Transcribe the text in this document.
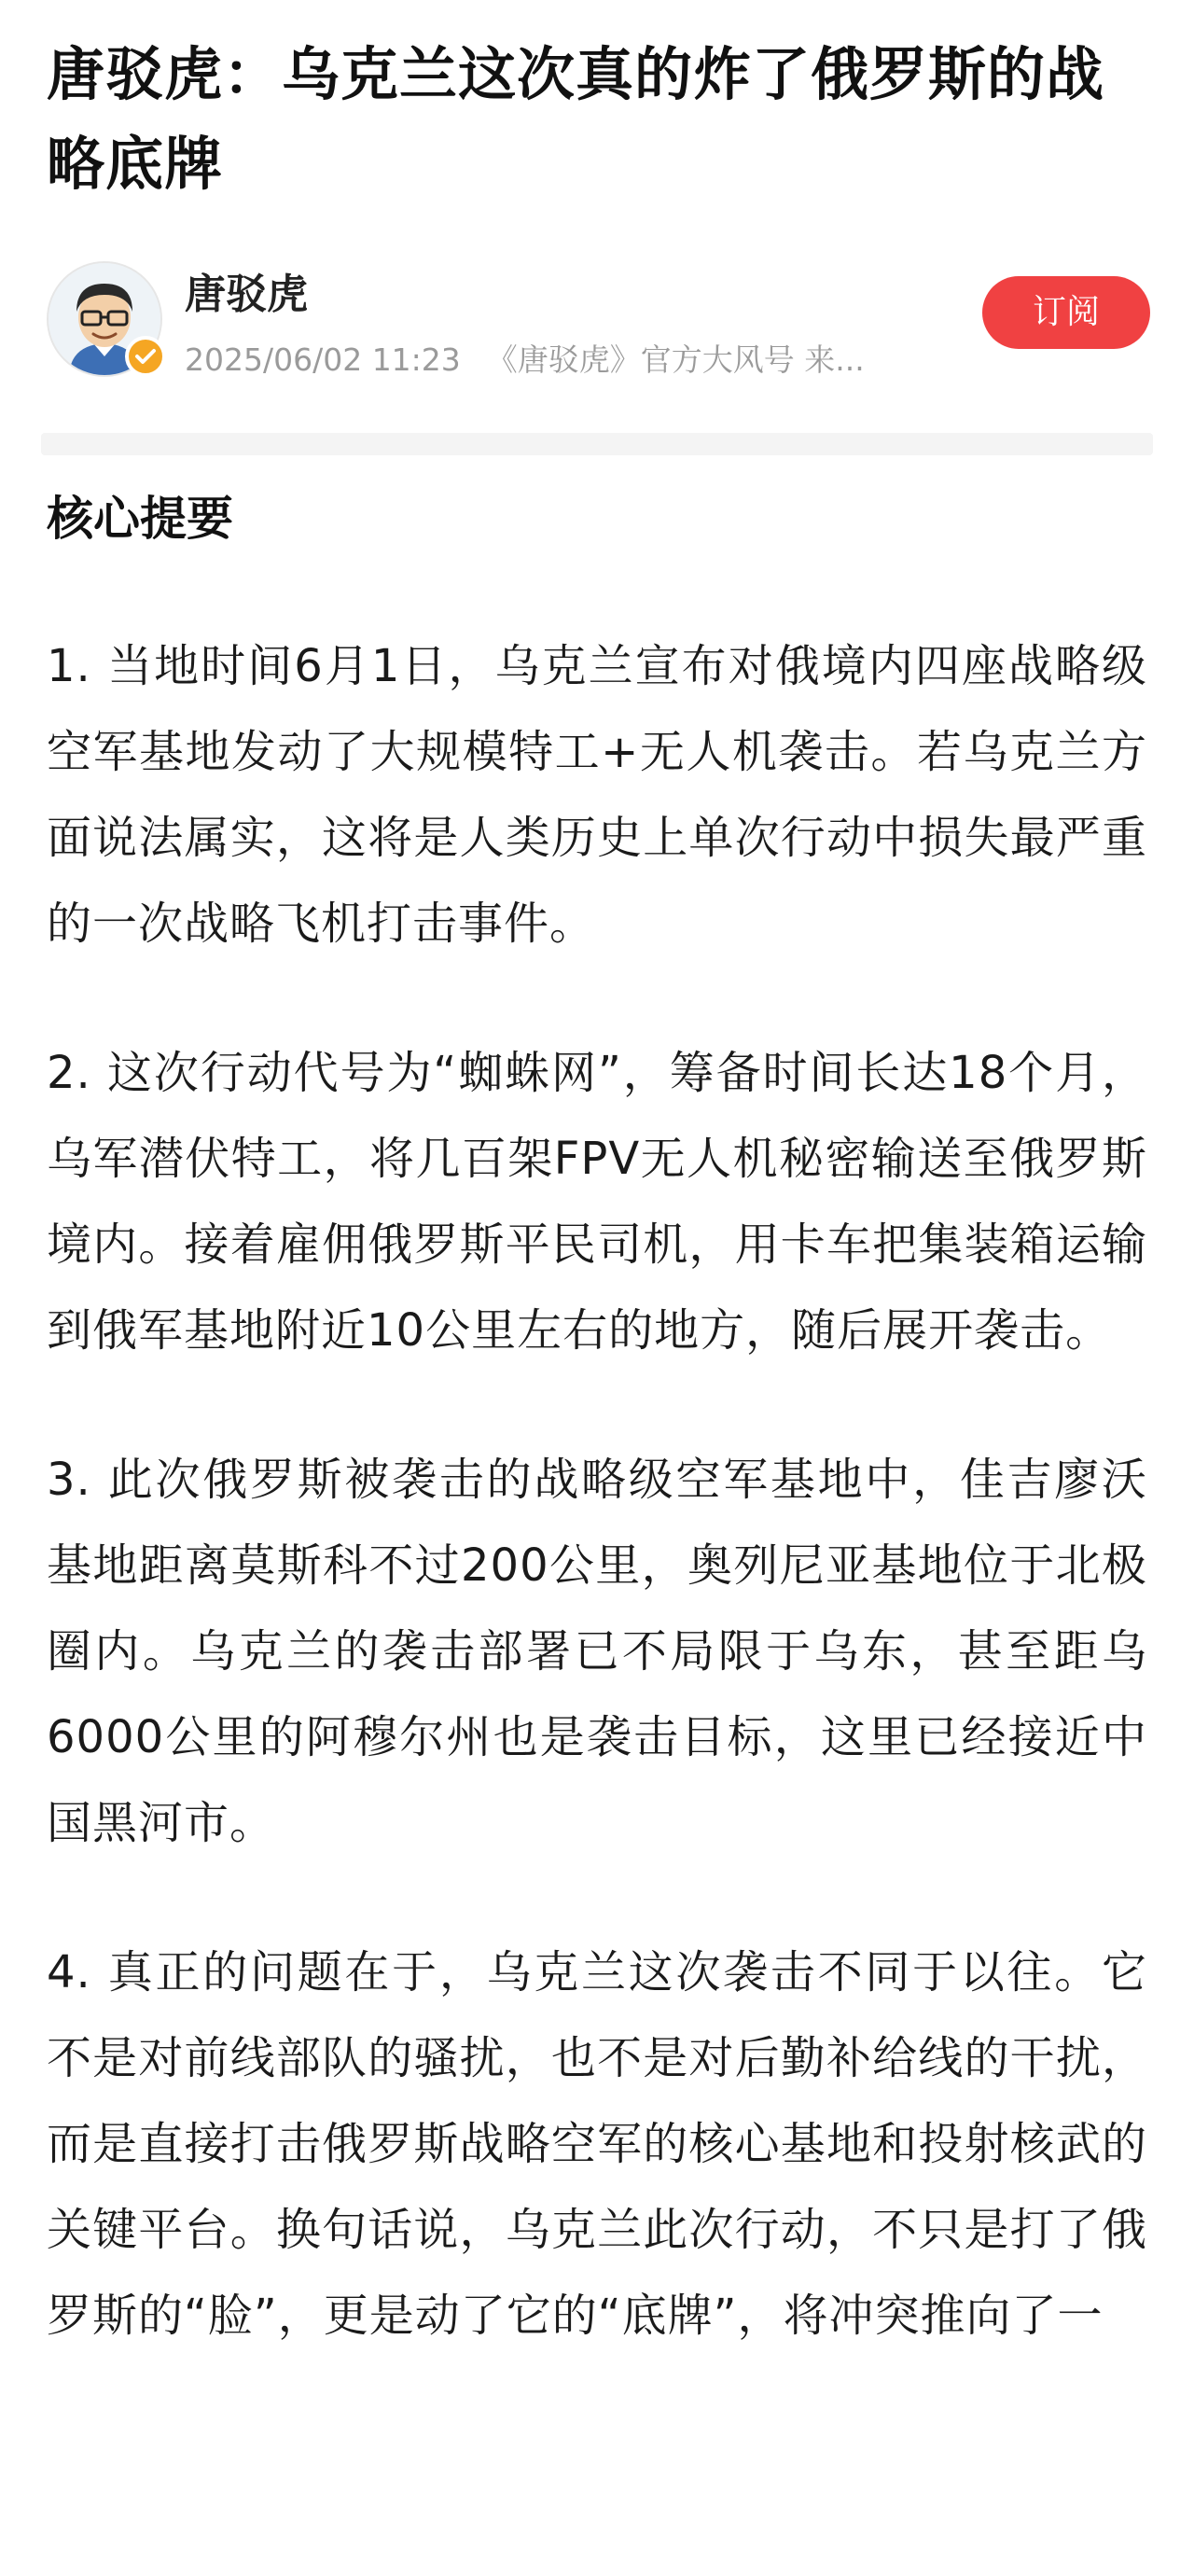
唐驳虎：乌克兰这次真的炸了俄罗斯的战略底牌
唐驳虎
2025/06/02 11:23 《唐驳虎》官方大风号 来...
订阅
核心提要

1. 当地时间6月1日，乌克兰宣布对俄境内四座战略级空军基地发动了大规模特工+无人机袭击。若乌克兰方面说法属实，这将是人类历史上单次行动中损失最严重的一次战略飞机打击事件。

2. 这次行动代号为“蜘蛛网”，筹备时间长达18个月，乌军潜伏特工，将几百架FPV无人机秘密输送至俄罗斯境内。接着雇佣俄罗斯平民司机，用卡车把集装箱运输到俄军基地附近10公里左右的地方，随后展开袭击。

3. 此次俄罗斯被袭击的战略级空军基地中，佳吉廖沃基地距离莫斯科不过200公里，奥列尼亚基地位于北极圈内。乌克兰的袭击部署已不局限于乌东，甚至距乌6000公里的阿穆尔州也是袭击目标，这里已经接近中国黑河市。

4. 真正的问题在于，乌克兰这次袭击不同于以往。它不是对前线部队的骚扰，也不是对后勤补给线的干扰，而是直接打击俄罗斯战略空军的核心基地和投射核武的关键平台。换句话说，乌克兰此次行动，不只是打了俄罗斯的“脸”，更是动了它的“底牌”，将冲突推向了一
